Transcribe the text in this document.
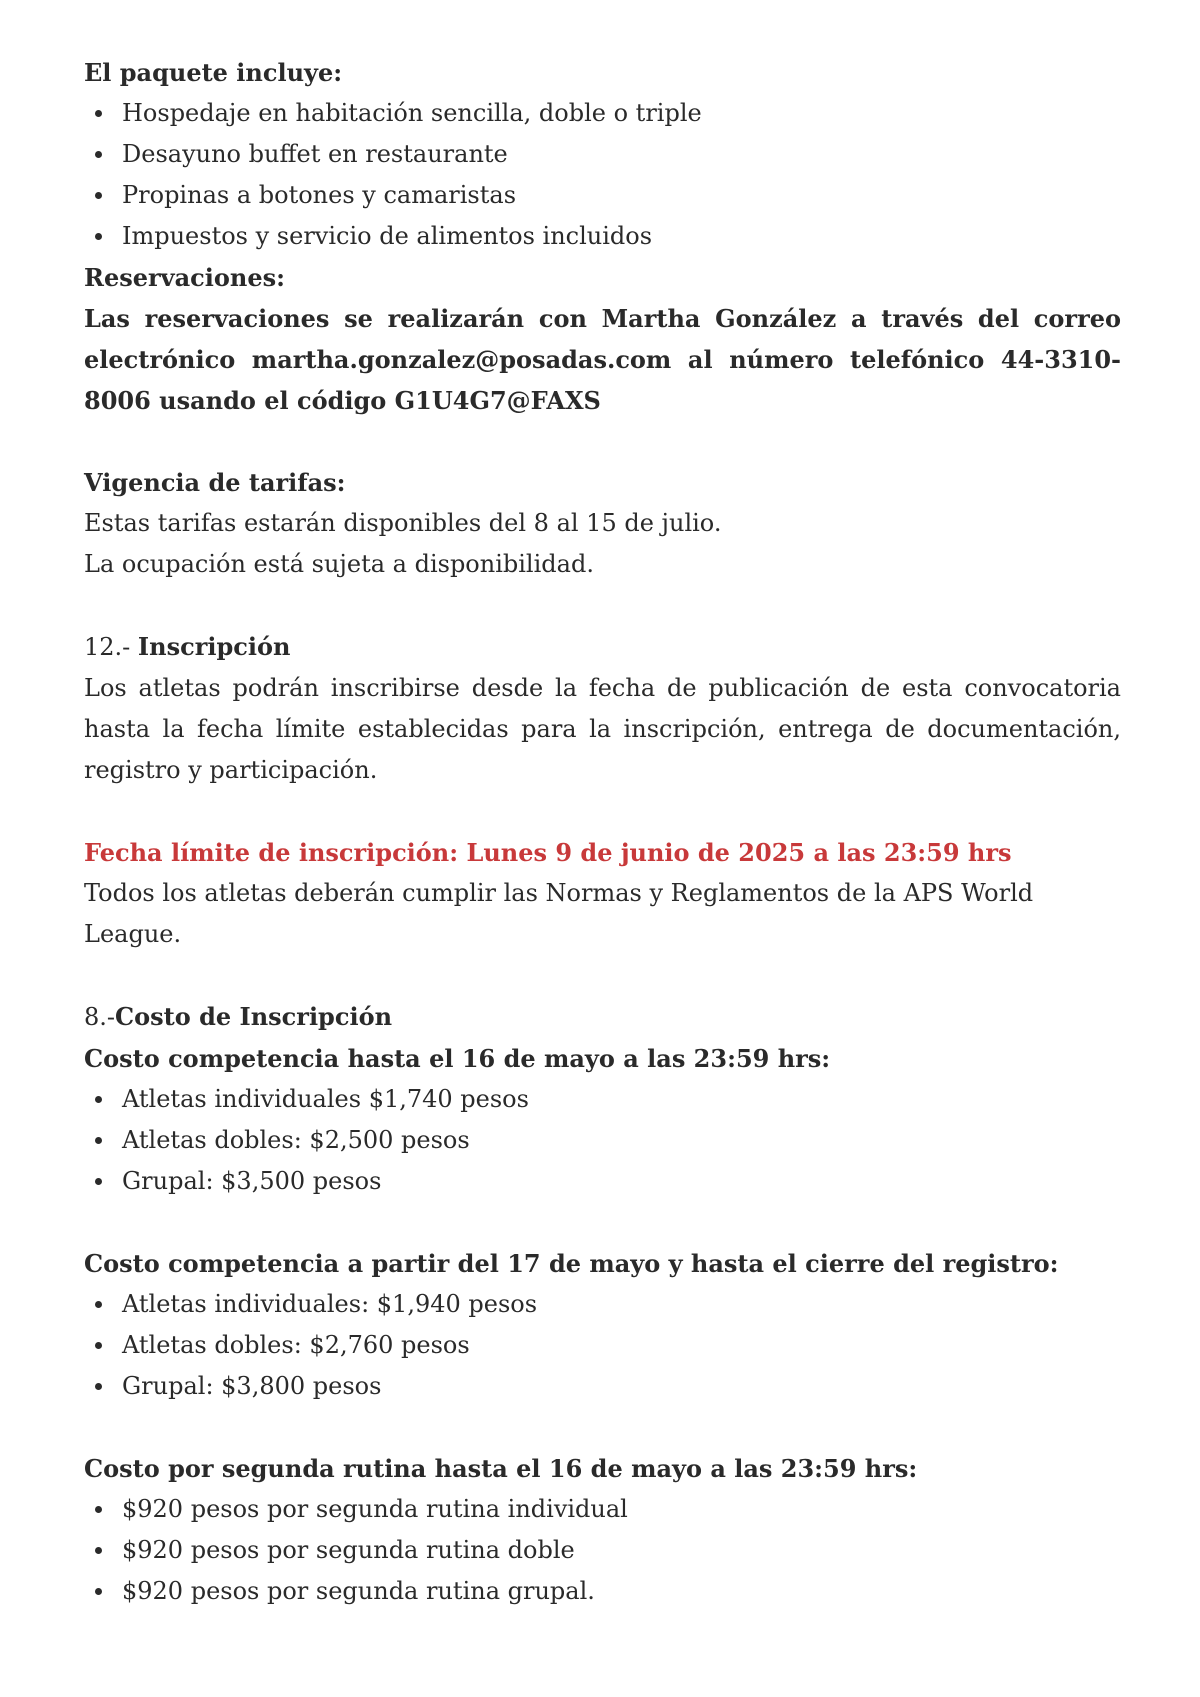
El paquete incluye:

Hospedaje en habitación sencilla, doble o triple
Desayuno buffet en restaurante
Propinas a botones y camaristas
Impuestos y servicio de alimentos incluidos

Reservaciones:

Las reservaciones se realizarán con Martha González a través del correo electrónico martha.gonzalez@posadas.com al número telefónico 44-3310- 8006 usando el código G1U4G7@FAXS

Vigencia de tarifas:

Estas tarifas estarán disponibles del 8 al 15 de julio.

La ocupación está sujeta a disponibilidad.

12.- Inscripción

Los atletas podrán inscribirse desde la fecha de publicación de esta convocatoria hasta la fecha límite establecidas para la inscripción, entrega de documentación, registro y participación.

Fecha límite de inscripción: Lunes 9 de junio de 2025 a las 23:59 hrs

Todos los atletas deberán cumplir las Normas y Reglamentos de la APS World League.

8.-Costo de Inscripción

Costo competencia hasta el 16 de mayo a las 23:59 hrs:

Atletas individuales $1,740 pesos
Atletas dobles: $2,500 pesos
Grupal: $3,500 pesos

Costo competencia a partir del 17 de mayo y hasta el cierre del registro:

Atletas individuales: $1,940 pesos
Atletas dobles: $2,760 pesos
Grupal: $3,800 pesos

Costo por segunda rutina hasta el 16 de mayo a las 23:59 hrs:

$920 pesos por segunda rutina individual
$920 pesos por segunda rutina doble
$920 pesos por segunda rutina grupal.
